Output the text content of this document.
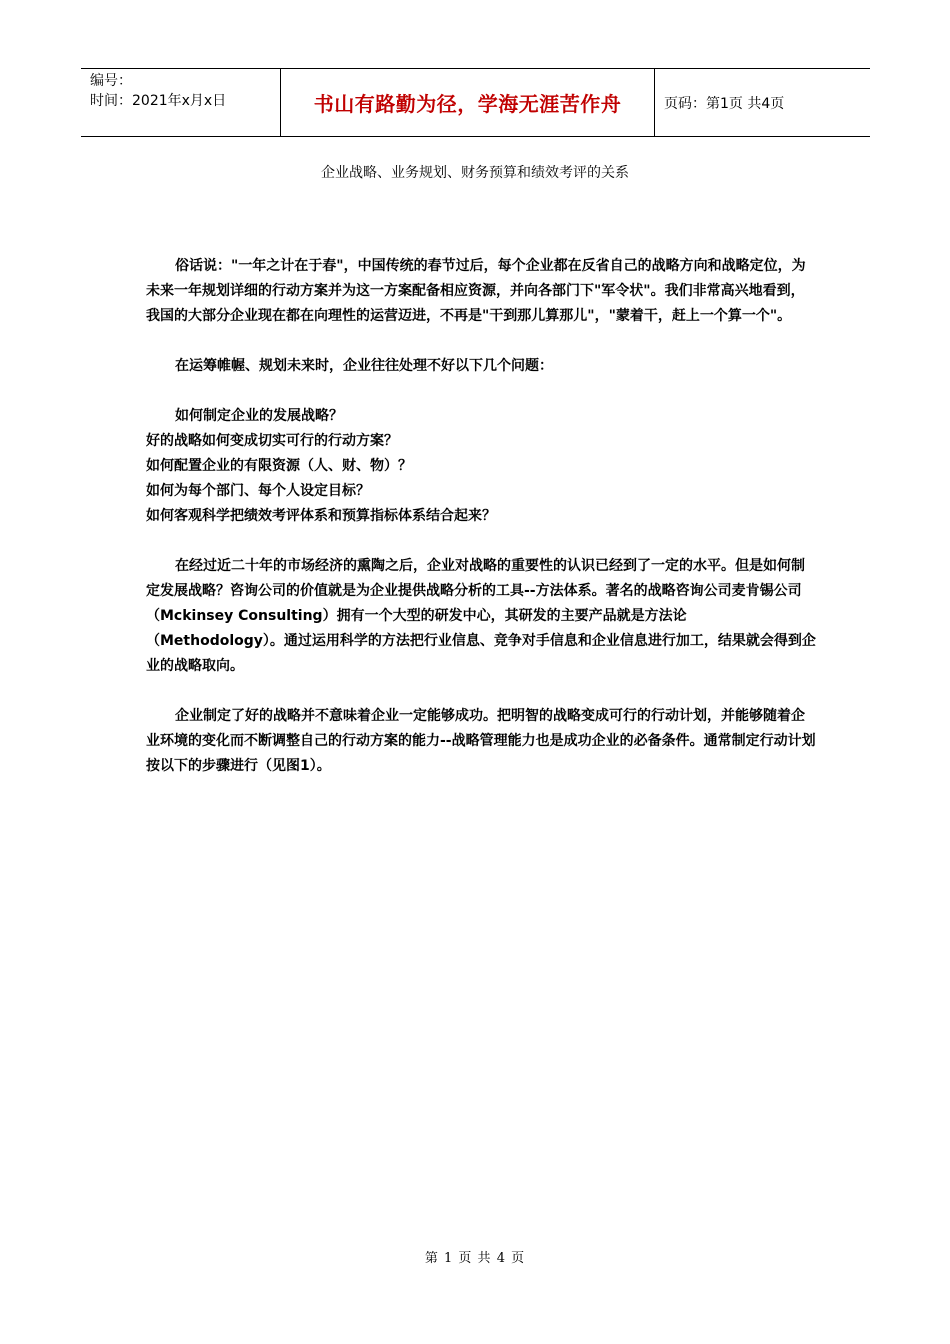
编号：
时间：2021年x月x日	书山有路勤为径，学海无涯苦作舟	页码：第1页 共4页
企业战略、业务规划、财务预算和绩效考评的关系

俗话说："一年之计在于春"，中国传统的春节过后，每个企业都在反省自己的战略方向和战略定位，为未来一年规划详细的行动方案并为这一方案配备相应资源，并向各部门下"军令状"。我们非常高兴地看到，我国的大部分企业现在都在向理性的运营迈进，不再是"干到那儿算那儿"，"蒙着干，赶上一个算一个"。

在运筹帷幄、规划未来时，企业往往处理不好以下几个问题：

如何制定企业的发展战略？

好的战略如何变成切实可行的行动方案？

如何配置企业的有限资源（人、财、物）？

如何为每个部门、每个人设定目标？

如何客观科学把绩效考评体系和预算指标体系结合起来？

在经过近二十年的市场经济的熏陶之后，企业对战略的重要性的认识已经到了一定的水平。但是如何制定发展战略？咨询公司的价值就是为企业提供战略分析的工具--方法体系。著名的战略咨询公司麦肯锡公司（Mckinsey Consulting）拥有一个大型的研发中心，其研发的主要产品就是方法论（Methodology）。通过运用科学的方法把行业信息、竞争对手信息和企业信息进行加工，结果就会得到企业的战略取向。

企业制定了好的战略并不意味着企业一定能够成功。把明智的战略变成可行的行动计划，并能够随着企业环境的变化而不断调整自己的行动方案的能力--战略管理能力也是成功企业的必备条件。通常制定行动计划按以下的步骤进行（见图1）。

第 1 页 共 4 页
